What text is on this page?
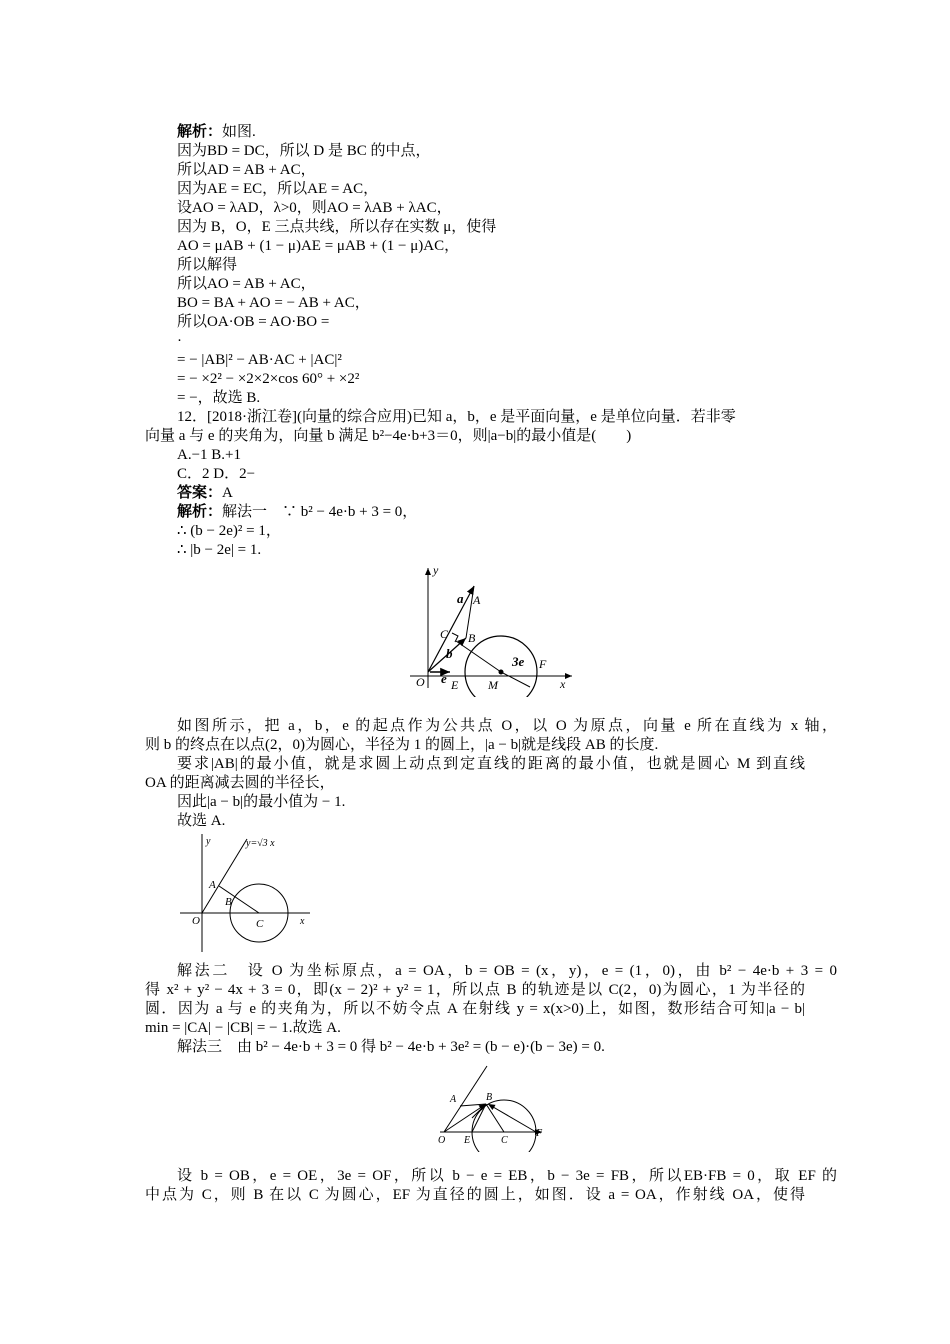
解析：如图.
因为BD = DC，所以 D 是 BC 的中点，
所以AD = AB + AC，
因为AE = EC，所以AE = AC，
设AO = λAD，λ>0，则AO = λAB + λAC，
因为 B，O，E 三点共线，所以存在实数 μ，使得
AO = μAB + (1 − μ)AE = μAB + (1 − μ)AC，
所以解得
所以AO = AB + AC，
BO = BA + AO = − AB + AC，
所以OA·OB = AO·BO =
·
= − |AB|² − AB·AC + |AC|²
= − ×2² − ×2×2×cos 60° + ×2²
= −，故选 B.
12．[2018·浙江卷](向量的综合应用)已知 a，b，e 是平面向量，e 是单位向量．若非零
向量 a 与 e 的夹角为，向量 b 满足 b²−4e·b+3＝0，则|a−b|的最小值是(　　)
A.−1 B.+1
C．2 D．2−
答案：A
解析：解法一　∵ b² − 4e·b + 3 = 0，
∴ (b − 2e)² = 1，
∴ |b − 2e| = 1.
y
a A
C B
b
3e F
O e E M	x
如图所示，把 a，b，e 的起点作为公共点 O，以 O 为原点，向量 e 所在直线为 x 轴，
则 b 的终点在以点(2，0)为圆心，半径为 1 的圆上，|a − b|就是线段 AB 的长度.
要求|AB|的最小值，就是求圆上动点到定直线的距离的最小值，也就是圆心 M 到直线
OA 的距离减去圆的半径长，
因此|a − b|的最小值为 − 1.
故选 A.
y	y=√3 x
A
B
O	C	x
解法二　设 O 为坐标原点，a = OA，b = OB = (x，y)，e = (1，0)，由 b² − 4e·b + 3 = 0
得 x² + y² − 4x + 3 = 0，即(x − 2)² + y² = 1，所以点 B 的轨迹是以 C(2，0)为圆心，1 为半径的
圆．因为 a 与 e 的夹角为，所以不妨令点 A 在射线 y = x(x>0)上，如图，数形结合可知|a − b|
min = |CA| − |CB| = − 1.故选 A.
解法三　由 b² − 4e·b + 3 = 0 得 b² − 4e·b + 3e² = (b − e)·(b − 3e) = 0.
A	B
O E	C
F
设 b = OB，e = OE，3e = OF，所以 b − e = EB，b − 3e = FB，所以EB·FB = 0，取 EF 的
中点为 C，则 B 在以 C 为圆心，EF 为直径的圆上，如图．设 a = OA，作射线 OA，使得
